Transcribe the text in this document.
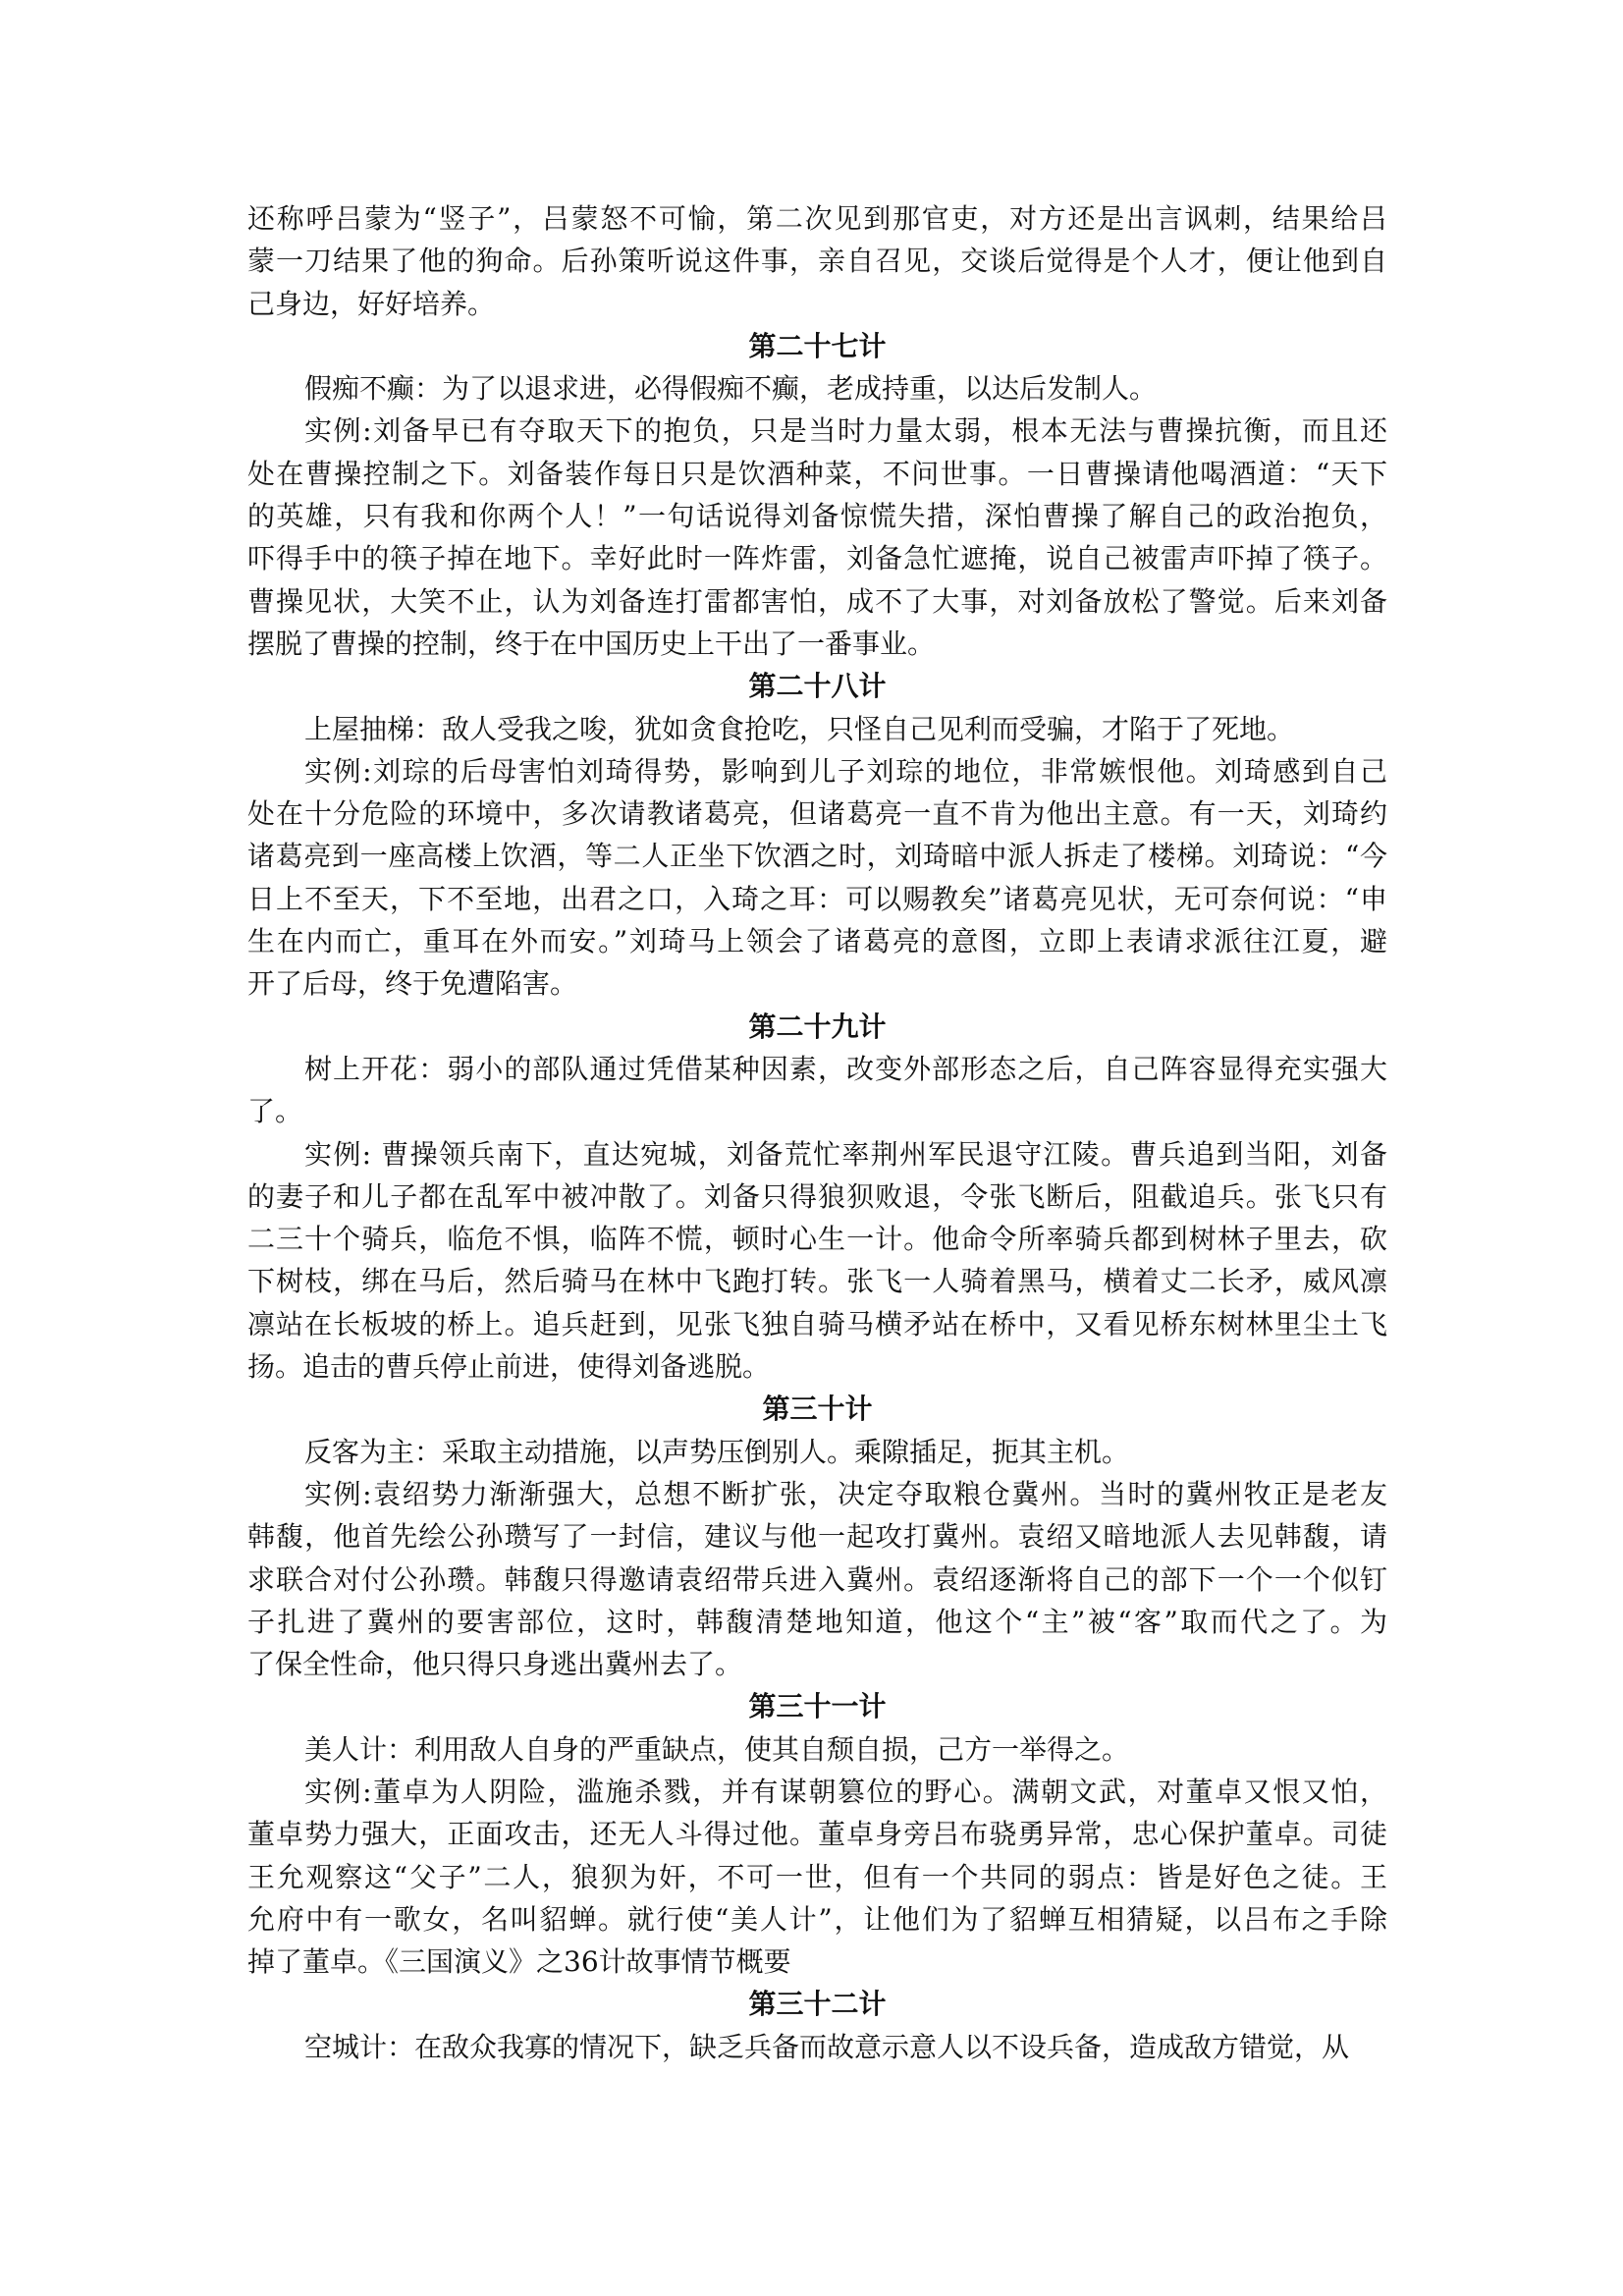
还称呼吕蒙为“竖子”，吕蒙怒不可愉，第二次见到那官吏，对方还是出言讽刺，结果给吕
蒙一刀结果了他的狗命。后孙策听说这件事，亲自召见，交谈后觉得是个人才，便让他到自
己身边，好好培养。
第二十七计
假痴不癫：为了以退求进，必得假痴不癫，老成持重，以达后发制人。
实例:刘备早已有夺取天下的抱负，只是当时力量太弱，根本无法与曹操抗衡，而且还
处在曹操控制之下。刘备装作每日只是饮酒种菜，不问世事。一日曹操请他喝酒道：“天下
的英雄，只有我和你两个人！”一句话说得刘备惊慌失措，深怕曹操了解自己的政治抱负，
吓得手中的筷子掉在地下。幸好此时一阵炸雷，刘备急忙遮掩，说自己被雷声吓掉了筷子。
曹操见状，大笑不止，认为刘备连打雷都害怕，成不了大事，对刘备放松了警觉。后来刘备
摆脱了曹操的控制，终于在中国历史上干出了一番事业。
第二十八计
上屋抽梯：敌人受我之唆，犹如贪食抢吃，只怪自己见利而受骗，才陷于了死地。
实例:刘琮的后母害怕刘琦得势，影响到儿子刘琮的地位，非常嫉恨他。刘琦感到自己
处在十分危险的环境中，多次请教诸葛亮，但诸葛亮一直不肯为他出主意。有一天，刘琦约
诸葛亮到一座高楼上饮酒，等二人正坐下饮酒之时，刘琦暗中派人拆走了楼梯。刘琦说：“今
日上不至天，下不至地，出君之口，入琦之耳：可以赐教矣”诸葛亮见状，无可奈何说：“申
生在内而亡，重耳在外而安。”刘琦马上领会了诸葛亮的意图，立即上表请求派往江夏，避
开了后母，终于免遭陷害。
第二十九计
树上开花：弱小的部队通过凭借某种因素，改变外部形态之后，自己阵容显得充实强大
了。
实例: 曹操领兵南下，直达宛城，刘备荒忙率荆州军民退守江陵。曹兵追到当阳，刘备
的妻子和儿子都在乱军中被冲散了。刘备只得狼狈败退，令张飞断后，阻截追兵。张飞只有
二三十个骑兵，临危不惧，临阵不慌，顿时心生一计。他命令所率骑兵都到树林子里去，砍
下树枝，绑在马后，然后骑马在林中飞跑打转。张飞一人骑着黑马，横着丈二长矛，威风凛
凛站在长板坡的桥上。追兵赶到，见张飞独自骑马横矛站在桥中，又看见桥东树林里尘土飞
扬。追击的曹兵停止前进，使得刘备逃脱。
第三十计
反客为主：采取主动措施，以声势压倒别人。乘隙插足，扼其主机。
实例:袁绍势力渐渐强大，总想不断扩张，决定夺取粮仓冀州。当时的冀州牧正是老友
韩馥，他首先绘公孙瓒写了一封信，建议与他一起攻打冀州。袁绍又暗地派人去见韩馥，请
求联合对付公孙瓒。韩馥只得邀请袁绍带兵进入冀州。袁绍逐渐将自己的部下一个一个似钉
子扎进了冀州的要害部位，这时，韩馥清楚地知道，他这个“主”被“客”取而代之了。为
了保全性命，他只得只身逃出冀州去了。
第三十一计
美人计：利用敌人自身的严重缺点，使其自颓自损，己方一举得之。
实例:董卓为人阴险，滥施杀戮，并有谋朝篡位的野心。满朝文武，对董卓又恨又怕，
董卓势力强大，正面攻击，还无人斗得过他。董卓身旁吕布骁勇异常，忠心保护董卓。司徒
王允观察这“父子”二人，狼狈为奸，不可一世，但有一个共同的弱点：皆是好色之徒。王
允府中有一歌女，名叫貂蝉。就行使“美人计”，让他们为了貂蝉互相猜疑，以吕布之手除
掉了董卓。《三国演义》之36计故事情节概要
第三十二计
空城计：在敌众我寡的情况下，缺乏兵备而故意示意人以不设兵备，造成敌方错觉，从
